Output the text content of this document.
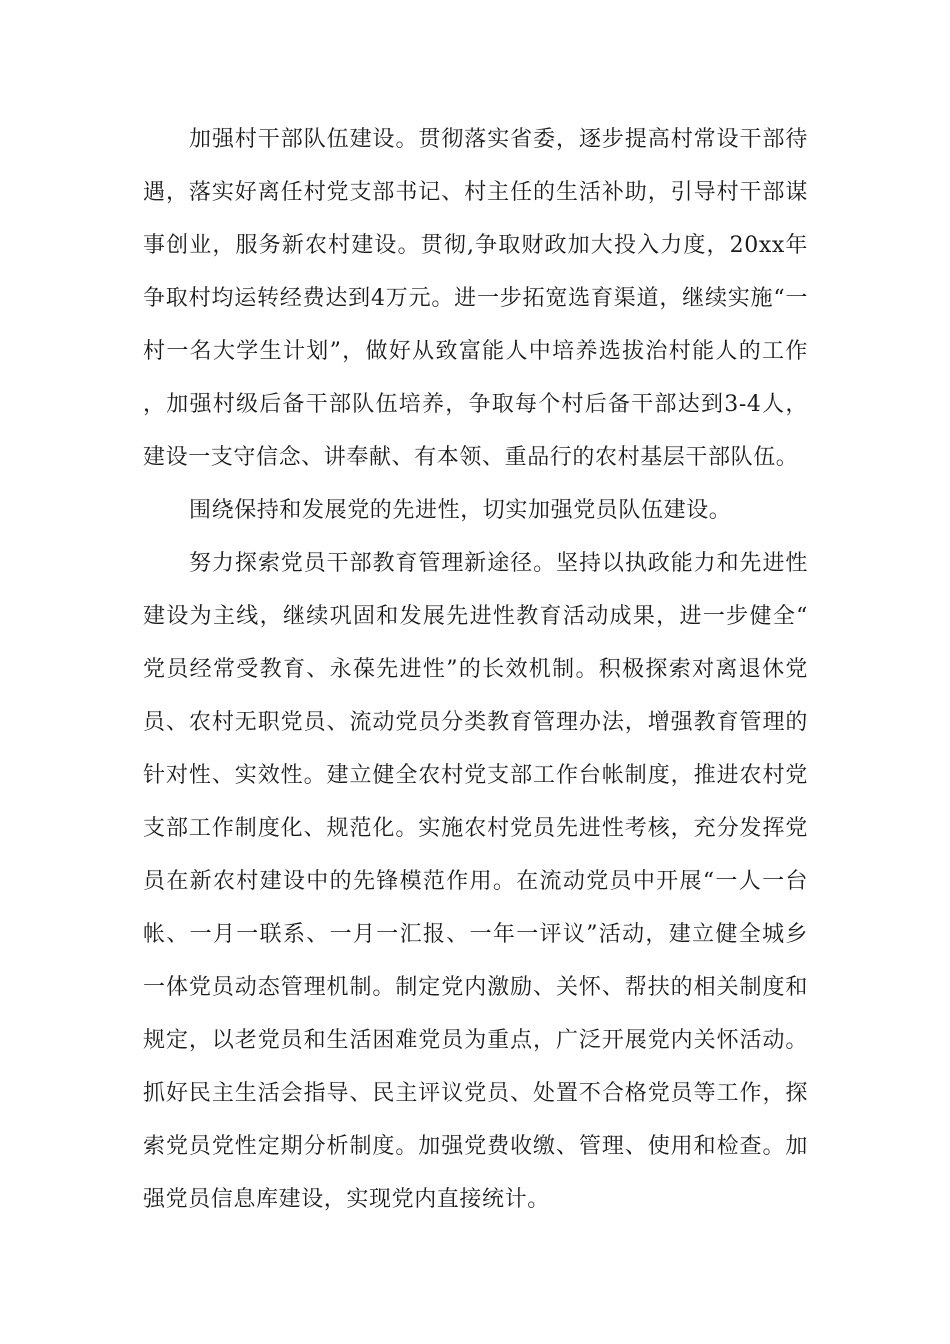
加强村干部队伍建设。贯彻落实省委，逐步提高村常设干部待遇，落实好离任村党支部书记、村主任的生活补助，引导村干部谋事创业，服务新农村建设。贯彻,争取财政加大投入力度，20xx年争取村均运转经费达到4万元。进一步拓宽选育渠道，继续实施“一村一名大学生计划”，做好从致富能人中培养选拔治村能人的工作，加强村级后备干部队伍培养，争取每个村后备干部达到3-4人，建设一支守信念、讲奉献、有本领、重品行的农村基层干部队伍。

围绕保持和发展党的先进性，切实加强党员队伍建设。

努力探索党员干部教育管理新途径。坚持以执政能力和先进性建设为主线，继续巩固和发展先进性教育活动成果，进一步健全“党员经常受教育、永葆先进性”的长效机制。积极探索对离退休党员、农村无职党员、流动党员分类教育管理办法，增强教育管理的针对性、实效性。建立健全农村党支部工作台帐制度，推进农村党支部工作制度化、规范化。实施农村党员先进性考核，充分发挥党员在新农村建设中的先锋模范作用。在流动党员中开展“一人一台帐、一月一联系、一月一汇报、一年一评议”活动，建立健全城乡一体党员动态管理机制。制定党内激励、关怀、帮扶的相关制度和规定，以老党员和生活困难党员为重点，广泛开展党内关怀活动。抓好民主生活会指导、民主评议党员、处置不合格党员等工作，探索党员党性定期分析制度。加强党费收缴、管理、使用和检查。加强党员信息库建设，实现党内直接统计。
